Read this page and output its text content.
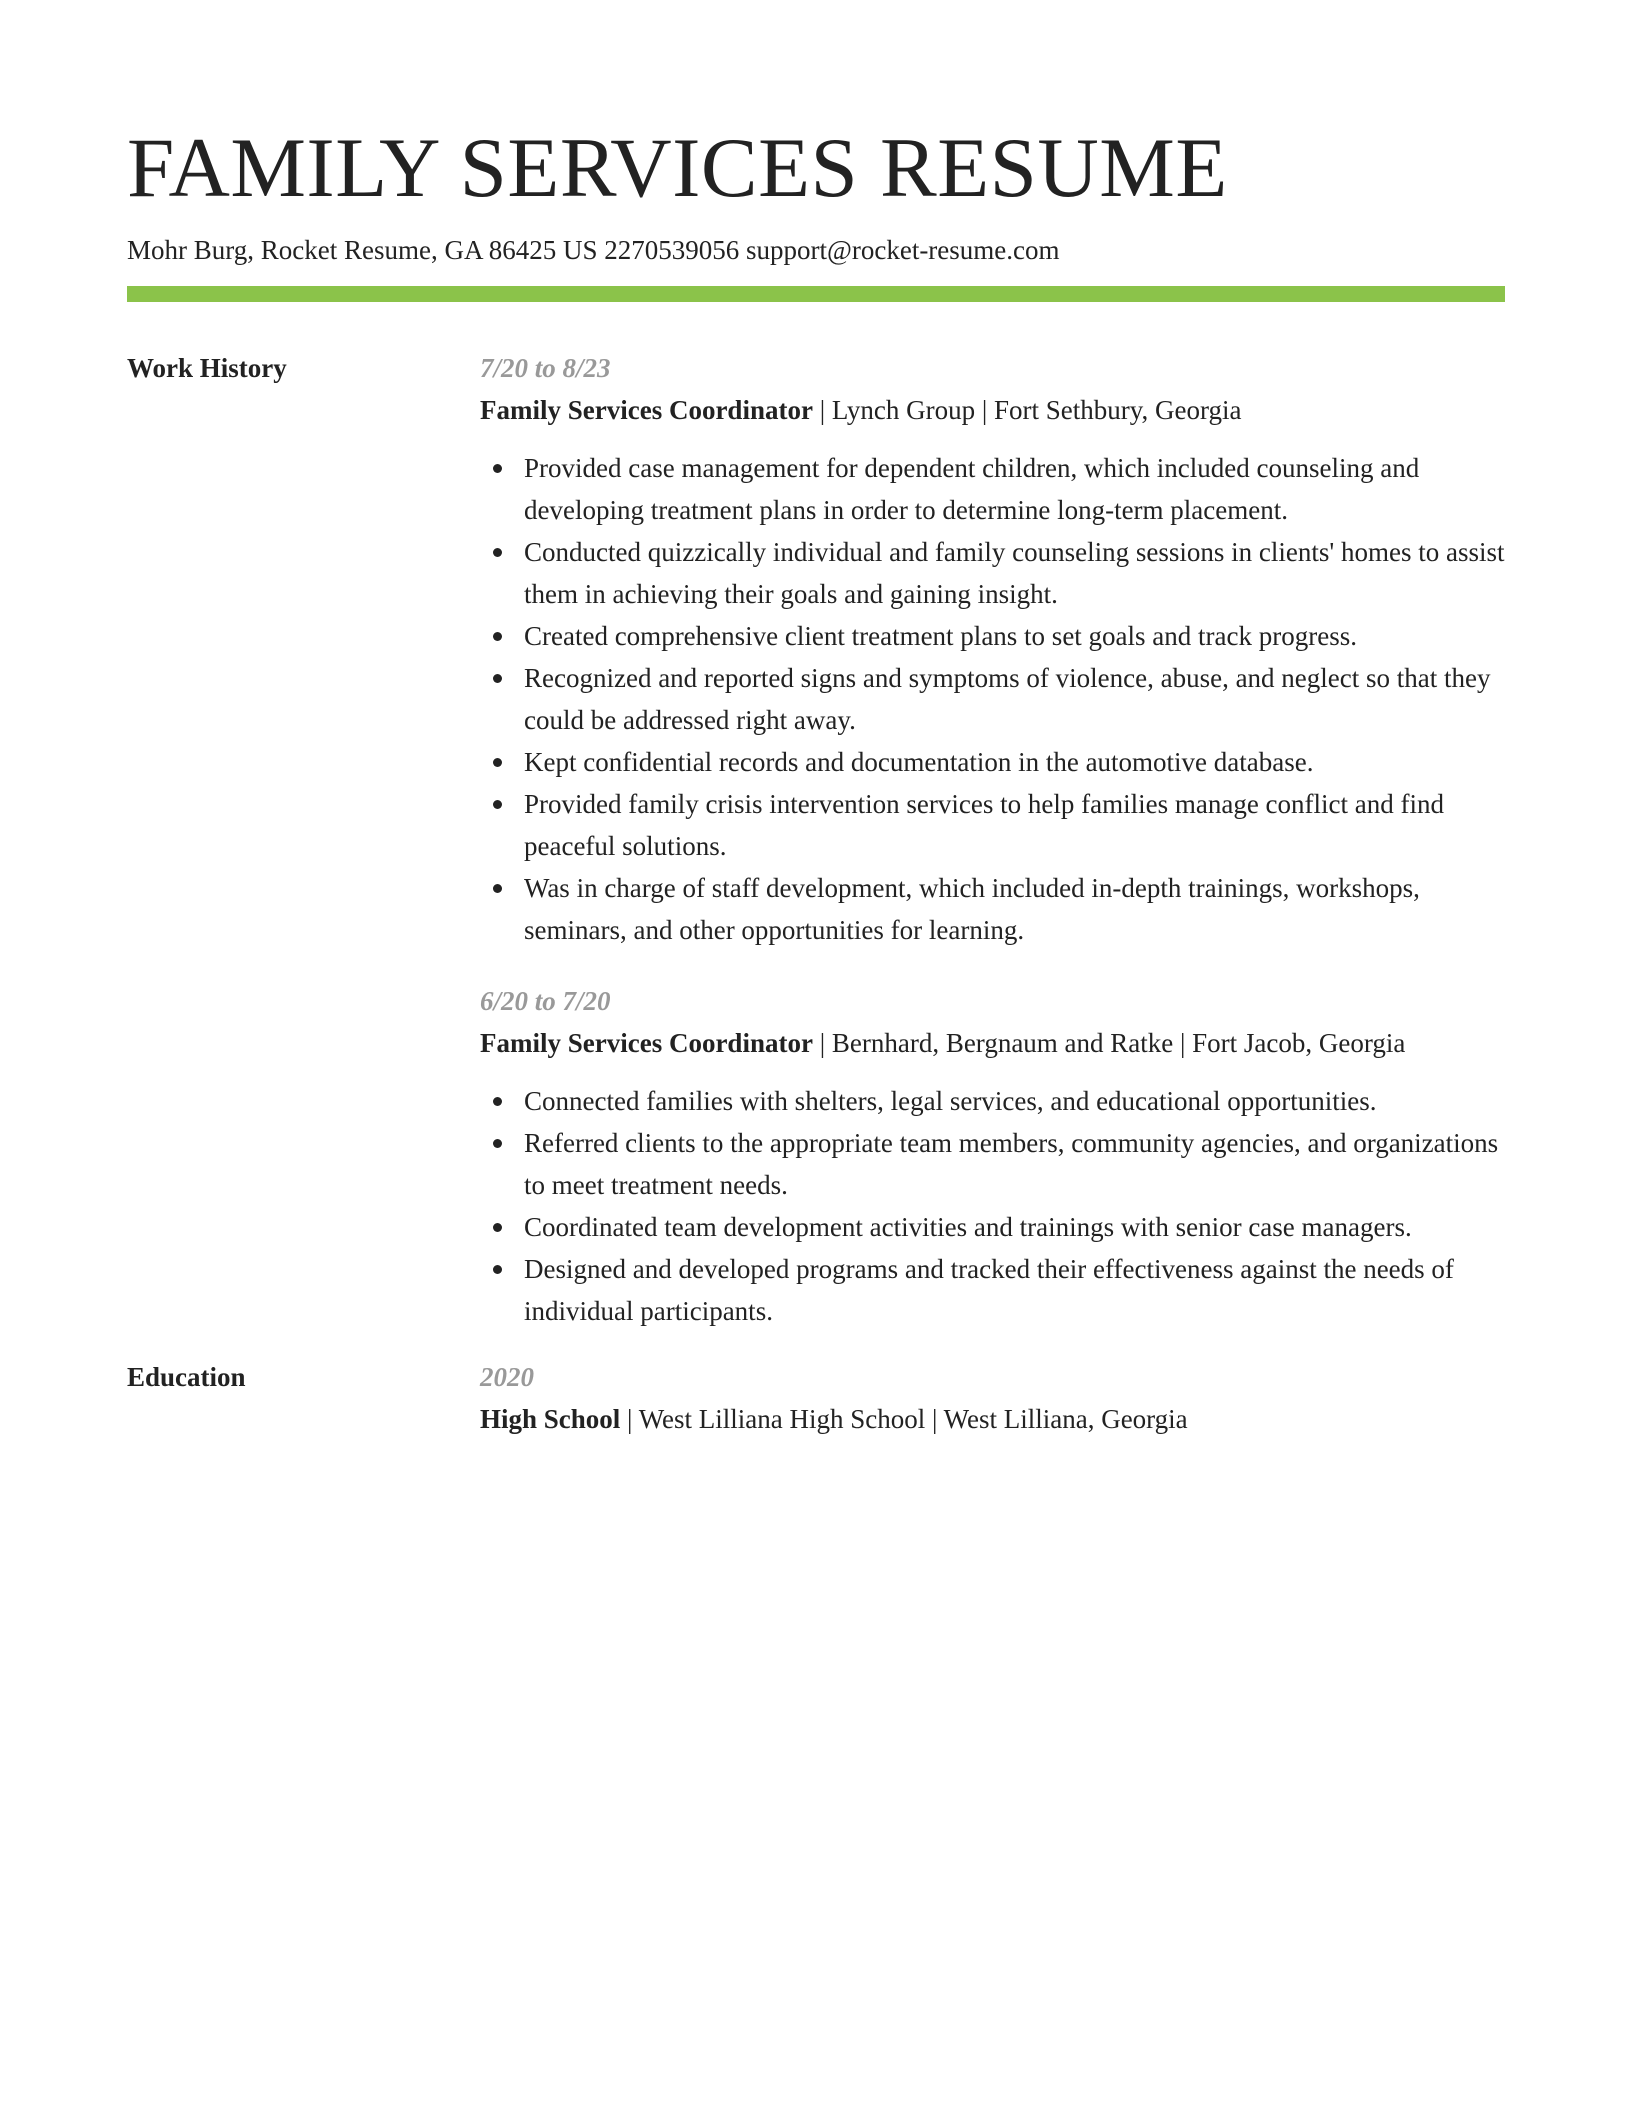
FAMILY SERVICES RESUME
Mohr Burg, Rocket Resume, GA 86425 US 2270539056 support@rocket-resume.com
Work History	7/20 to 8/23
Family Services Coordinator | Lynch Group | Fort Sethbury, Georgia
Provided case management for dependent children, which included counseling and developing treatment plans in order to determine long-term placement.
Conducted quizzically individual and family counseling sessions in clients' homes to assist them in achieving their goals and gaining insight.
Created comprehensive client treatment plans to set goals and track progress.
Recognized and reported signs and symptoms of violence, abuse, and neglect so that they could be addressed right away.
Kept confidential records and documentation in the automotive database.
Provided family crisis intervention services to help families manage conflict and find peaceful solutions.
Was in charge of staff development, which included in-depth trainings, workshops, seminars, and other opportunities for learning.
6/20 to 7/20
Family Services Coordinator | Bernhard, Bergnaum and Ratke | Fort Jacob, Georgia
Connected families with shelters, legal services, and educational opportunities.
Referred clients to the appropriate team members, community agencies, and organizations to meet treatment needs.
Coordinated team development activities and trainings with senior case managers.
Designed and developed programs and tracked their effectiveness against the needs of individual participants.
Education	2020
High School | West Lilliana High School | West Lilliana, Georgia
